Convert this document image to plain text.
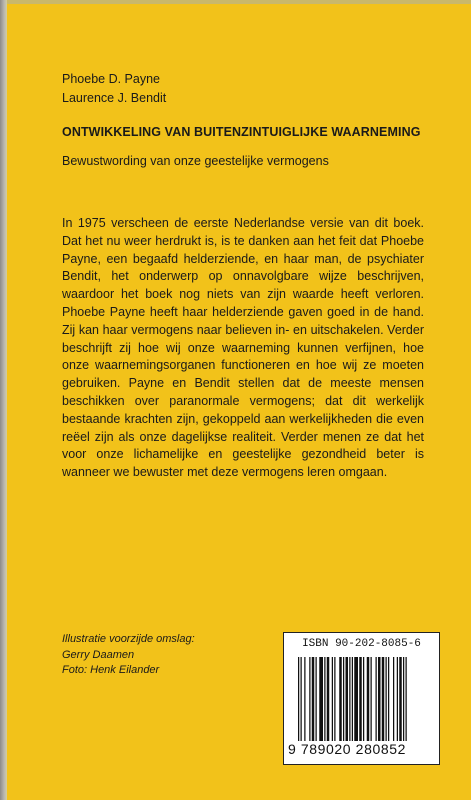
Phoebe D. Payne
Laurence J. Bendit
ONTWIKKELING VAN BUITENZINTUIGLIJKE WAARNEMING
Bewustwording van onze geestelijke vermogens
In 1975 verscheen de eerste Nederlandse versie van dit boek. Dat het nu weer herdrukt is, is te danken aan het feit dat Phoebe Payne, een begaafd helderziende, en haar man, de psychiater Bendit, het onderwerp op onnavolgbare wijze beschrijven, waardoor het boek nog niets van zijn waarde heeft verloren. Phoebe Payne heeft haar helderziende gaven goed in de hand. Zij kan haar vermogens naar believen in- en uitschakelen. Verder beschrijft zij hoe wij onze waarneming kunnen verfijnen, hoe onze waarnemingsorganen functioneren en hoe wij ze moeten gebruiken. Payne en Bendit stellen dat de meeste mensen beschikken over paranormale vermogens; dat dit werkelijk bestaande krachten zijn, gekoppeld aan werkelijkheden die even reëel zijn als onze dagelijkse realiteit. Verder menen ze dat het voor onze lichamelijke en geestelijke gezondheid beter is wanneer we bewuster met deze vermogens leren omgaan.
Illustratie voorzijde omslag:
Gerry Daamen
Foto: Henk Eilander
ISBN 90-202-8085-6
9 789020 280852
